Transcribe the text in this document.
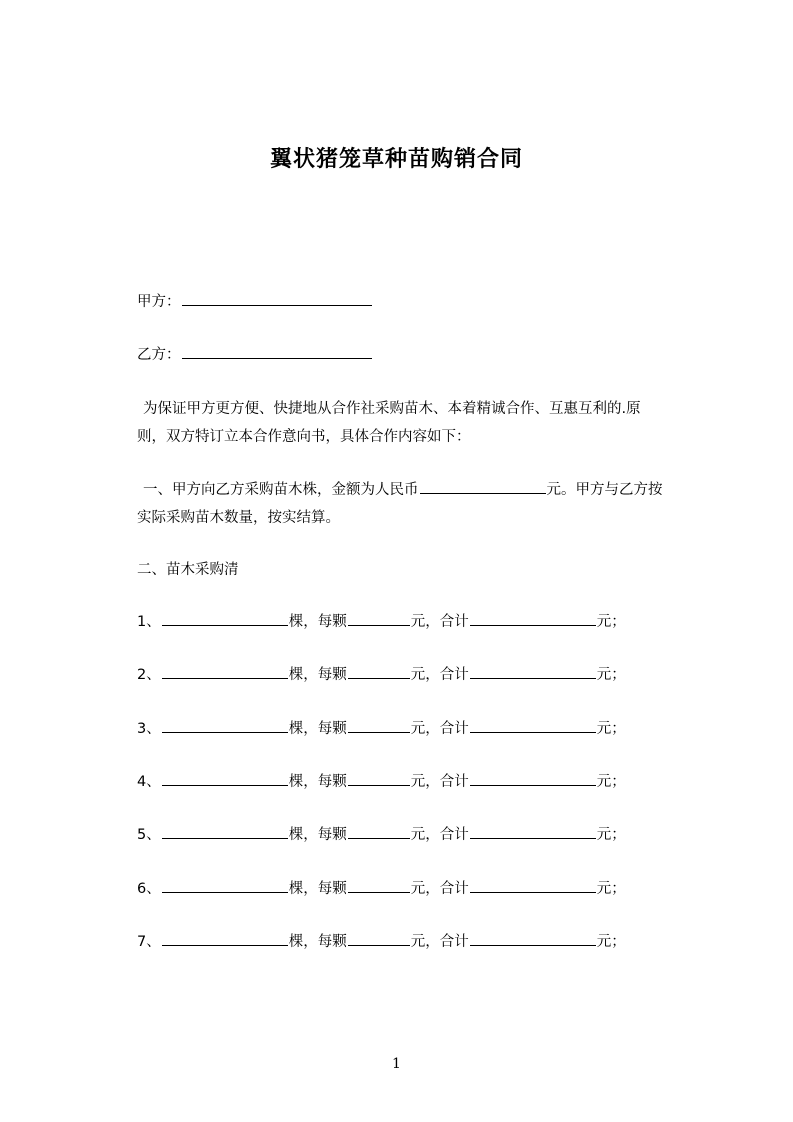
翼状猪笼草种苗购销合同
甲方：
乙方：
为保证甲方更方便、快捷地从合作社采购苗木、本着精诚合作、互惠互利的.原
则，双方特订立本合作意向书，具体合作内容如下：
一、甲方向乙方采购苗木株，金额为人民币	元。甲方与乙方按
实际采购苗木数量，按实结算。
二、苗木采购清
1、	棵，每颗	元，合计	元；
2、	棵，每颗	元，合计	元；
3、	棵，每颗	元，合计	元；
4、	棵，每颗	元，合计	元；
5、	棵，每颗	元，合计	元；
6、	棵，每颗	元，合计	元；
7、	棵，每颗	元，合计	元；
1
